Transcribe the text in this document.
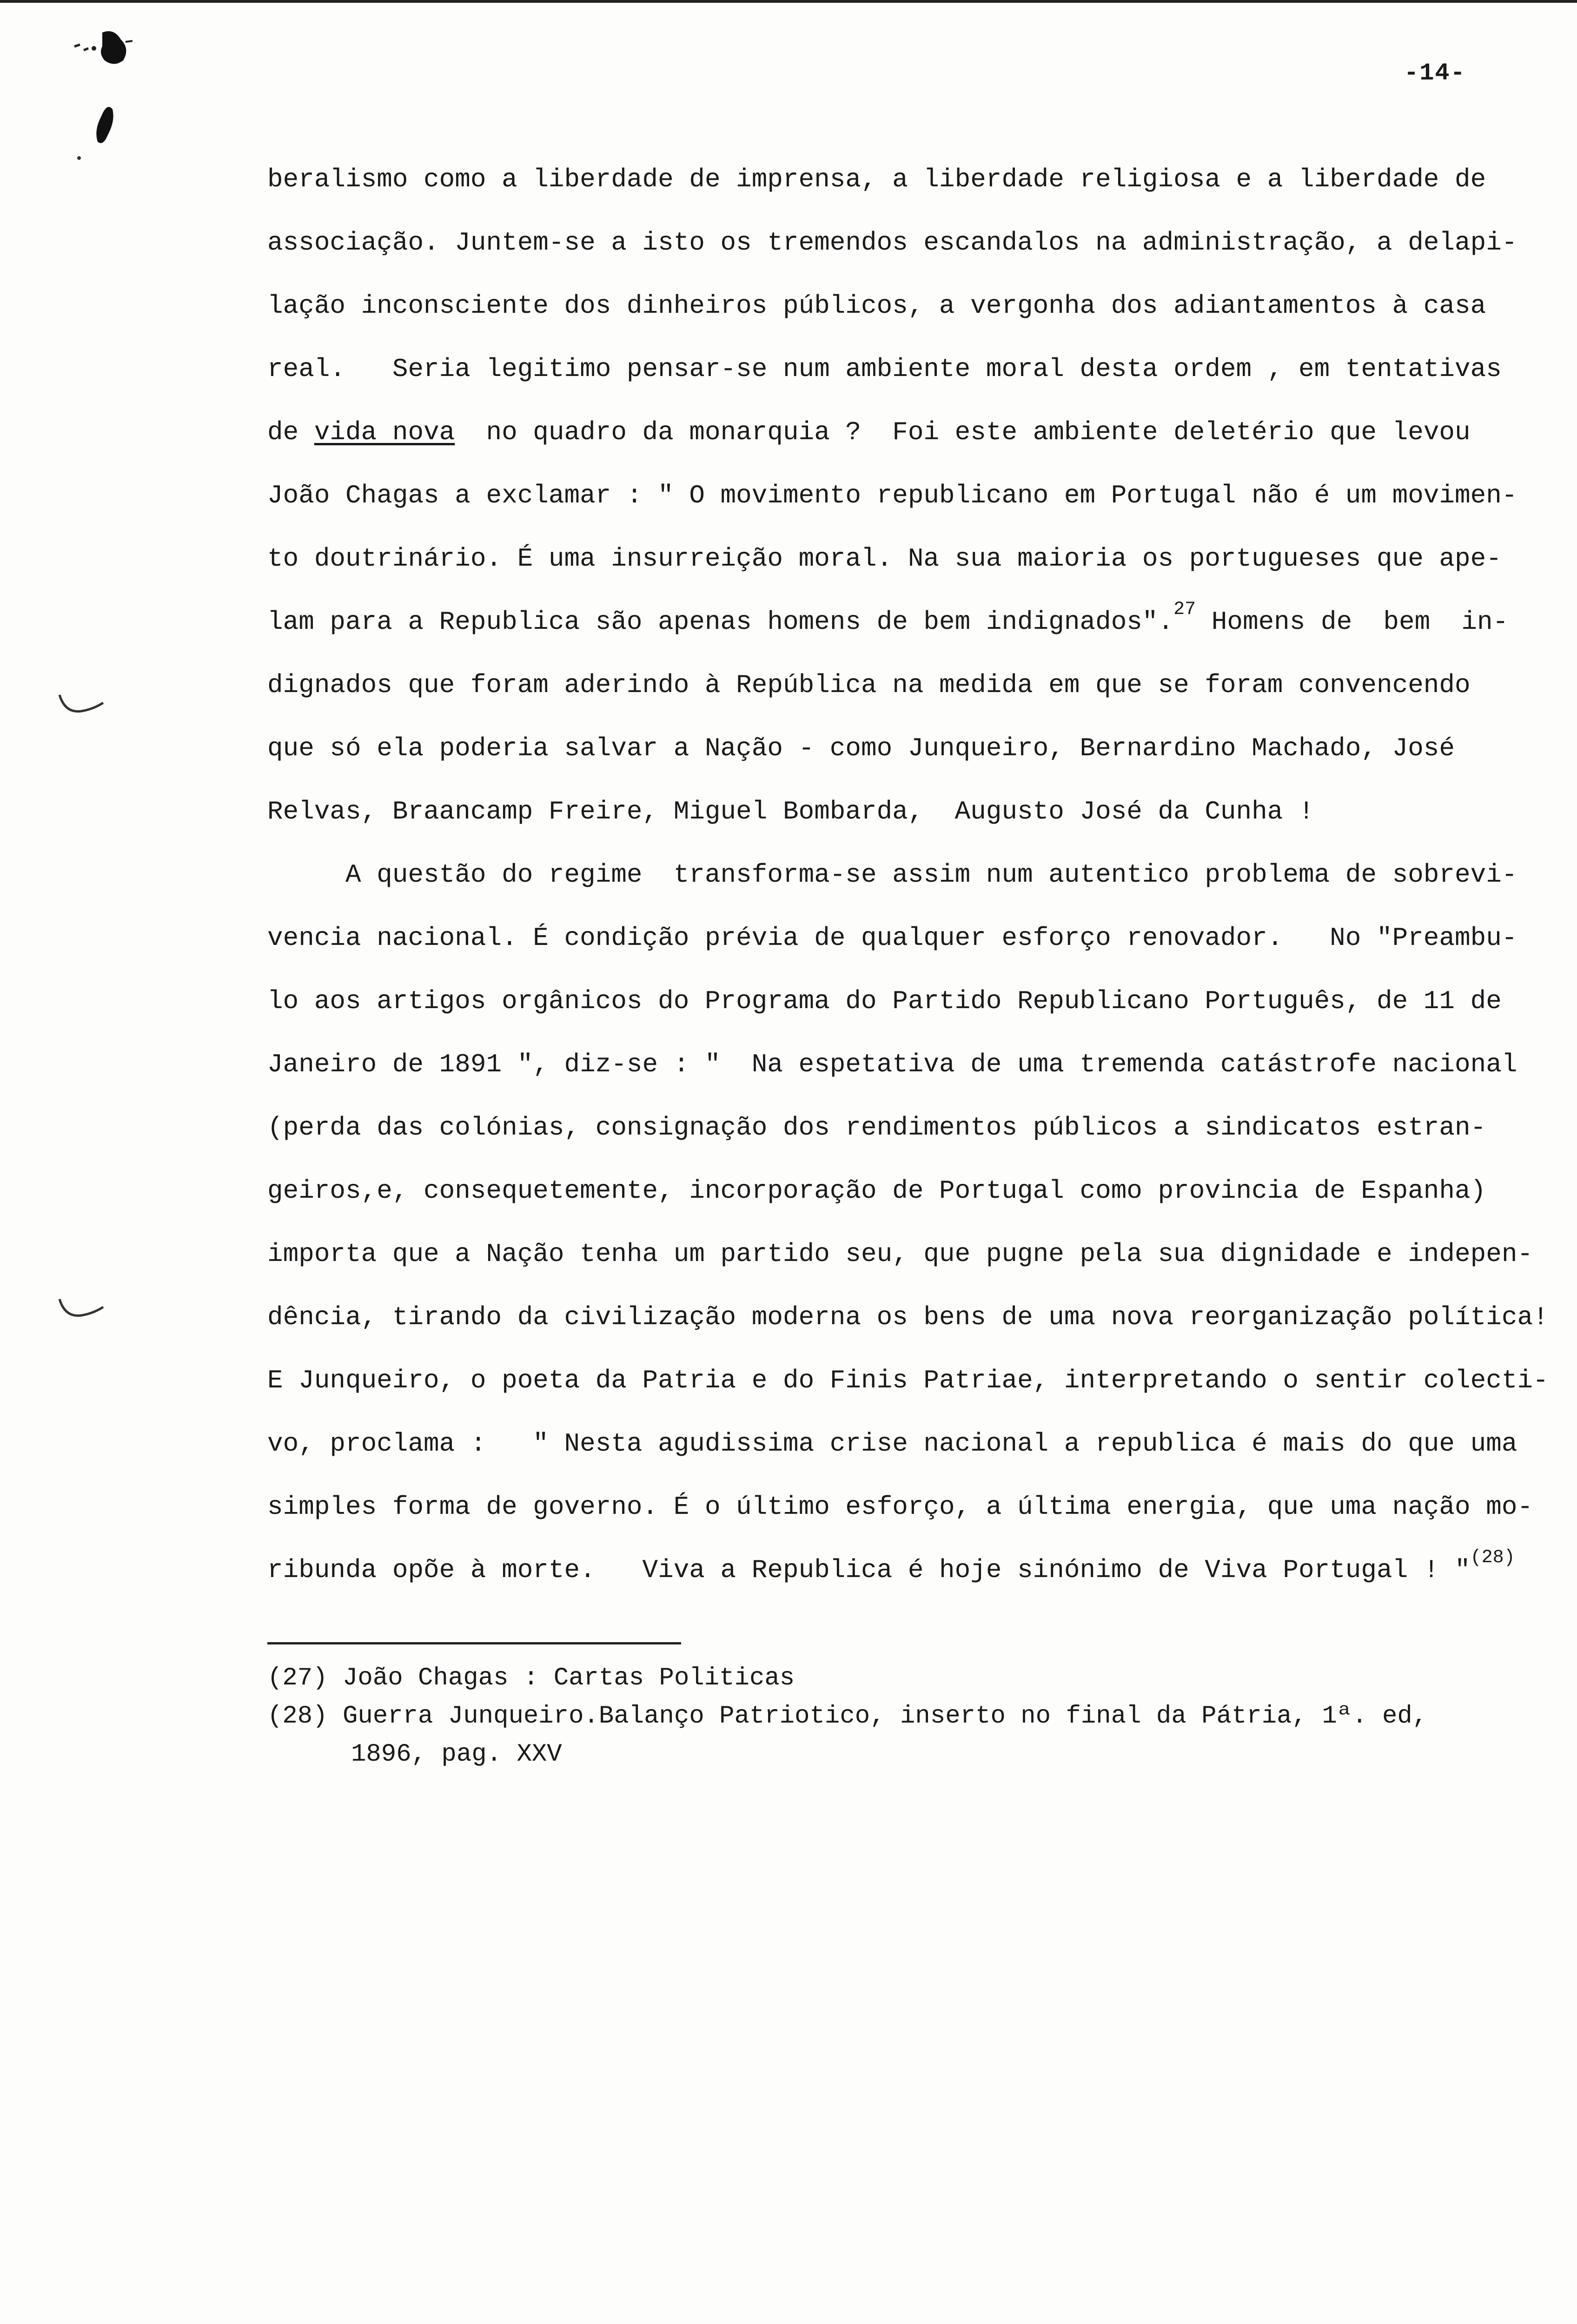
-14-
beralismo como a liberdade de imprensa, a liberdade religiosa e a liberdade de
associação. Juntem-se a isto os tremendos escandalos na administração, a delapi-
lação inconsciente dos dinheiros públicos, a vergonha dos adiantamentos à casa
real.   Seria legitimo pensar-se num ambiente moral desta ordem , em tentativas
de vida nova  no quadro da monarquia ?  Foi este ambiente deletério que levou
João Chagas a exclamar : " O movimento republicano em Portugal não é um movimen-
to doutrinário. É uma insurreição moral. Na sua maioria os portugueses que ape-
lam para a Republica são apenas homens de bem indignados".$^{27}$ Homens de  bem  in-
dignados que foram aderindo à República na medida em que se foram convencendo
que só ela poderia salvar a Nação - como Junqueiro, Bernardino Machado, José
Relvas, Braancamp Freire, Miguel Bombarda,  Augusto José da Cunha !
A questão do regime  transforma-se assim num autentico problema de sobrevi-
vencia nacional. É condição prévia de qualquer esforço renovador.   No "Preambu-
lo aos artigos orgânicos do Programa do Partido Republicano Português, de 11 de
Janeiro de 1891 ", diz-se : "  Na espetativa de uma tremenda catástrofe nacional
(perda das colónias, consignação dos rendimentos públicos a sindicatos estran-
geiros,e, consequetemente, incorporação de Portugal como provincia de Espanha)
importa que a Nação tenha um partido seu, que pugne pela sua dignidade e indepen-
dência, tirando da civilização moderna os bens de uma nova reorganização política!
E Junqueiro, o poeta da Patria e do Finis Patriae, interpretando o sentir colecti-
vo, proclama :   " Nesta agudissima crise nacional a republica é mais do que uma
simples forma de governo. É o último esforço, a última energia, que uma nação mo-
ribunda opõe à morte.   Viva a Republica é hoje sinónimo de Viva Portugal ! "$^{(28)}$
(27) João Chagas : Cartas Politicas
(28) Guerra Junqueiro.Balanço Patriotico, inserto no final da Pátria, 1ª. ed,
1896, pag. XXV
